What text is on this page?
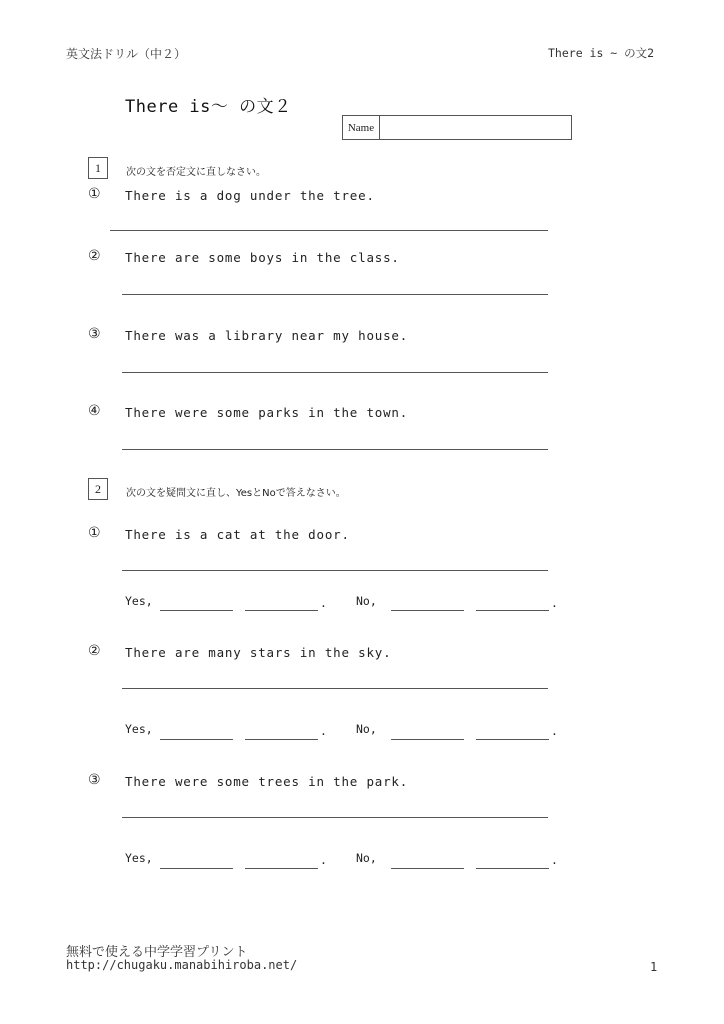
英文法ドリル（中２）	There is ~ の文2
There is～ の文２
Name
1	次の文を否定文に直しなさい。
① There is a dog under the tree.
② There are some boys in the class.
③ There was a library near my house.
④ There were some parks in the town.
2	次の文を疑問文に直し、YesとNoで答えなさい。
① There is a cat at the door.
Yes,	.	No,	.
② There are many stars in the sky.
Yes,	.	No,	.
③ There were some trees in the park.
Yes,	.	No,	.
無料で使える中学学習プリント
http://chugaku.manabihiroba.net/	1
